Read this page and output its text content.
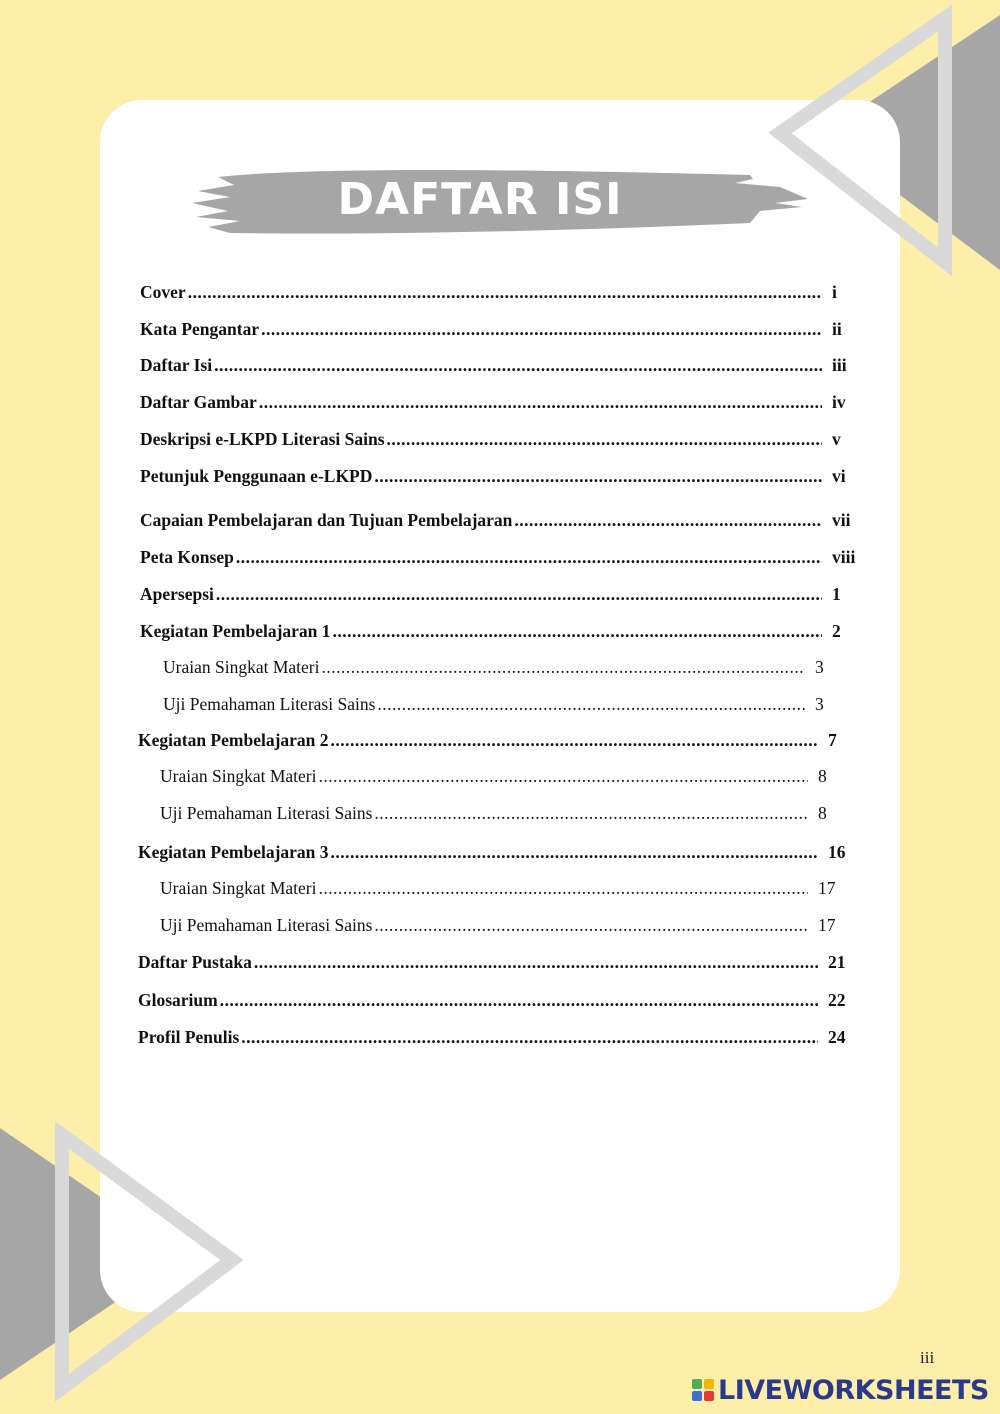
DAFTAR ISI
Cover .....	i
Kata Pengantar .....	ii
Daftar Isi .....	iii
Daftar Gambar .....	iv
Deskripsi e-LKPD Literasi Sains .....	v
Petunjuk Penggunaan e-LKPD .....	vi
Capaian Pembelajaran dan Tujuan Pembelajaran .....	vii
Peta Konsep .....	viii
Apersepsi .....	1
Kegiatan Pembelajaran 1 .....	2
Uraian Singkat Materi .....	3
Uji Pemahaman Literasi Sains .....	3
Kegiatan Pembelajaran 2 .....	7
Uraian Singkat Materi .....	8
Uji Pemahaman Literasi Sains .....	8
Kegiatan Pembelajaran 3 .....	16
Uraian Singkat Materi .....	17
Uji Pemahaman Literasi Sains .....	17
Daftar Pustaka .....	21
Glosarium .....	22
Profil Penulis .....	24
iii
LIVEWORKSHEETS
